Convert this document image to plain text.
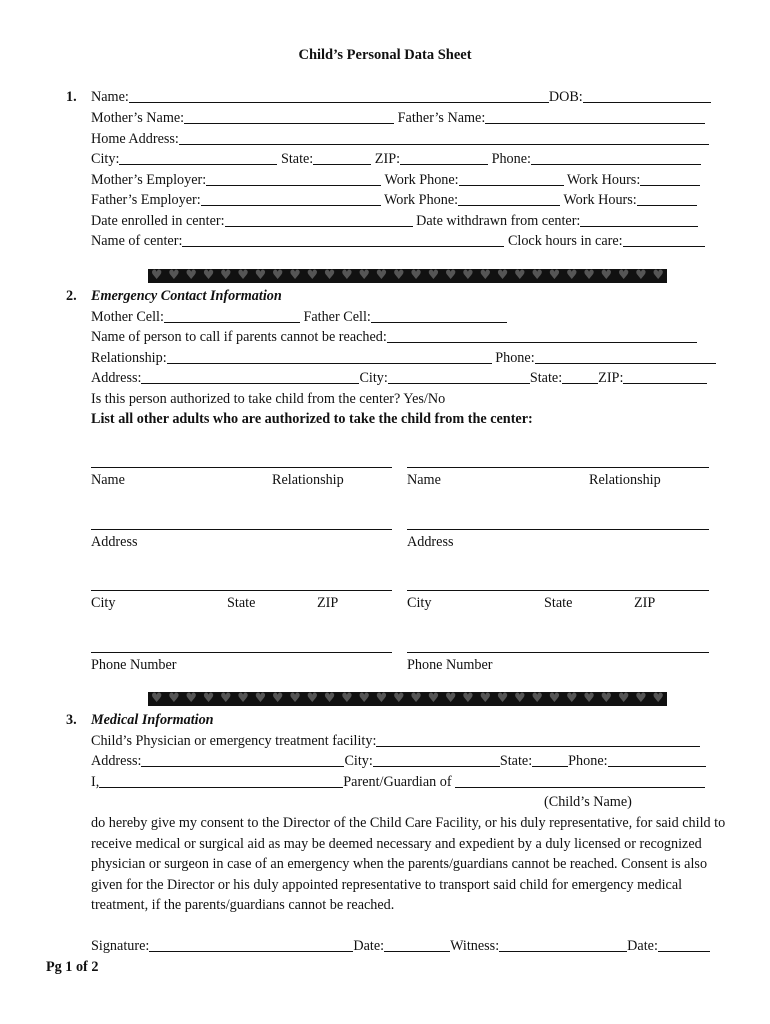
Child’s Personal Data Sheet
1. Name:	DOB:
Mother’s Name:	Father’s Name:
Home Address:
City:	State:	ZIP:	Phone:
Mother’s Employer:	Work Phone:	Work Hours:
Father’s Employer:	Work Phone:	Work Hours:
Date enrolled in center:	Date withdrawn from center:
Name of center:	Clock hours in care:
♥ ♥ ♥ ♥ ♥ ♥ ♥ ♥ ♥ ♥ ♥ ♥ ♥ ♥ ♥ ♥ ♥ ♥ ♥ ♥ ♥ ♥ ♥ ♥ ♥ ♥ ♥ ♥ ♥ ♥
2. Emergency Contact Information
Mother Cell:	Father Cell:
Name of person to call if parents cannot be reached:
Relationship:	Phone:
Address:	City:	State:	ZIP:
Is this person authorized to take child from the center? Yes/No
List all other adults who are authorized to take the child from the center:
Name	Relationship	Name	Relationship
Address	Address
City	State	ZIP	City	State	ZIP
Phone Number	Phone Number
♥ ♥ ♥ ♥ ♥ ♥ ♥ ♥ ♥ ♥ ♥ ♥ ♥ ♥ ♥ ♥ ♥ ♥ ♥ ♥ ♥ ♥ ♥ ♥ ♥ ♥ ♥ ♥ ♥ ♥
3. Medical Information
Child’s Physician or emergency treatment facility:
Address:	City:	State:	Phone:
I,	Parent/Guardian of
(Child’s Name)
do hereby give my consent to the Director of the Child Care Facility, or his duly representative, for said child to receive medical or surgical aid as may be deemed necessary and expedient by a duly licensed or recognized physician or surgeon in case of an emergency when the parents/guardians cannot be reached. Consent is also given for the Director or his duly appointed representative to transport said child for emergency medical treatment, if the parents/guardians cannot be reached.
Signature:	Date:	Witness:	Date:
Pg 1 of 2
